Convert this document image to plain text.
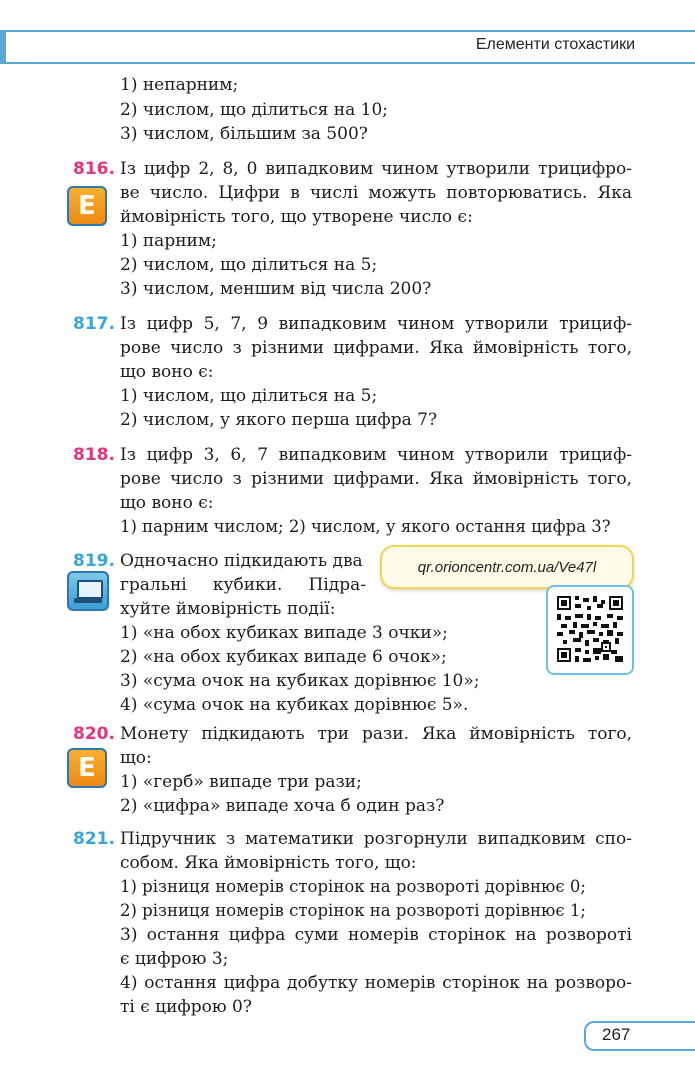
Елементи стохастики
1) непарним;
2) числом, що ділиться на 10;
3) числом, більшим за 500?
816.
Е
Із цифр 2, 8, 0 випадковим чином утворили трицифро-
ве число. Цифри в числі можуть повторюватись. Яка
ймовірність того, що утворене число є:
1) парним;
2) числом, що ділиться на 5;
3) числом, меншим від числа 200?
817. Із цифр 5, 7, 9 випадковим чином утворили трициф-
рове число з різними цифрами. Яка ймовірність того,
що воно є:
1) числом, що ділиться на 5;
2) числом, у якого перша цифра 7?
818. Із цифр 3, 6, 7 випадковим чином утворили трициф-
рове число з різними цифрами. Яка ймовірність того,
що воно є:
1) парним числом; 2) числом, у якого остання цифра 3?
819. Одночасно підкидають два
гральні кубики. Підра-
хуйте ймовірність події:
1) «на обох кубиках випаде 3 очки»;
2) «на обох кубиках випаде 6 очок»;
3) «сума очок на кубиках дорівнює 10»;
4) «сума очок на кубиках дорівнює 5».
qr.orioncentr.com.ua/Ve47l
820.
Е
Монету підкидають три рази. Яка ймовірність того,
що:
1) «герб» випаде три рази;
2) «цифра» випаде хоча б один раз?
821. Підручник з математики розгорнули випадковим спо-
собом. Яка ймовірність того, що:
1) різниця номерів сторінок на розвороті дорівнює 0;
2) різниця номерів сторінок на розвороті дорівнює 1;
3) остання цифра суми номерів сторінок на розвороті
є цифрою 3;
4) остання цифра добутку номерів сторінок на розворо-
ті є цифрою 0?
267
